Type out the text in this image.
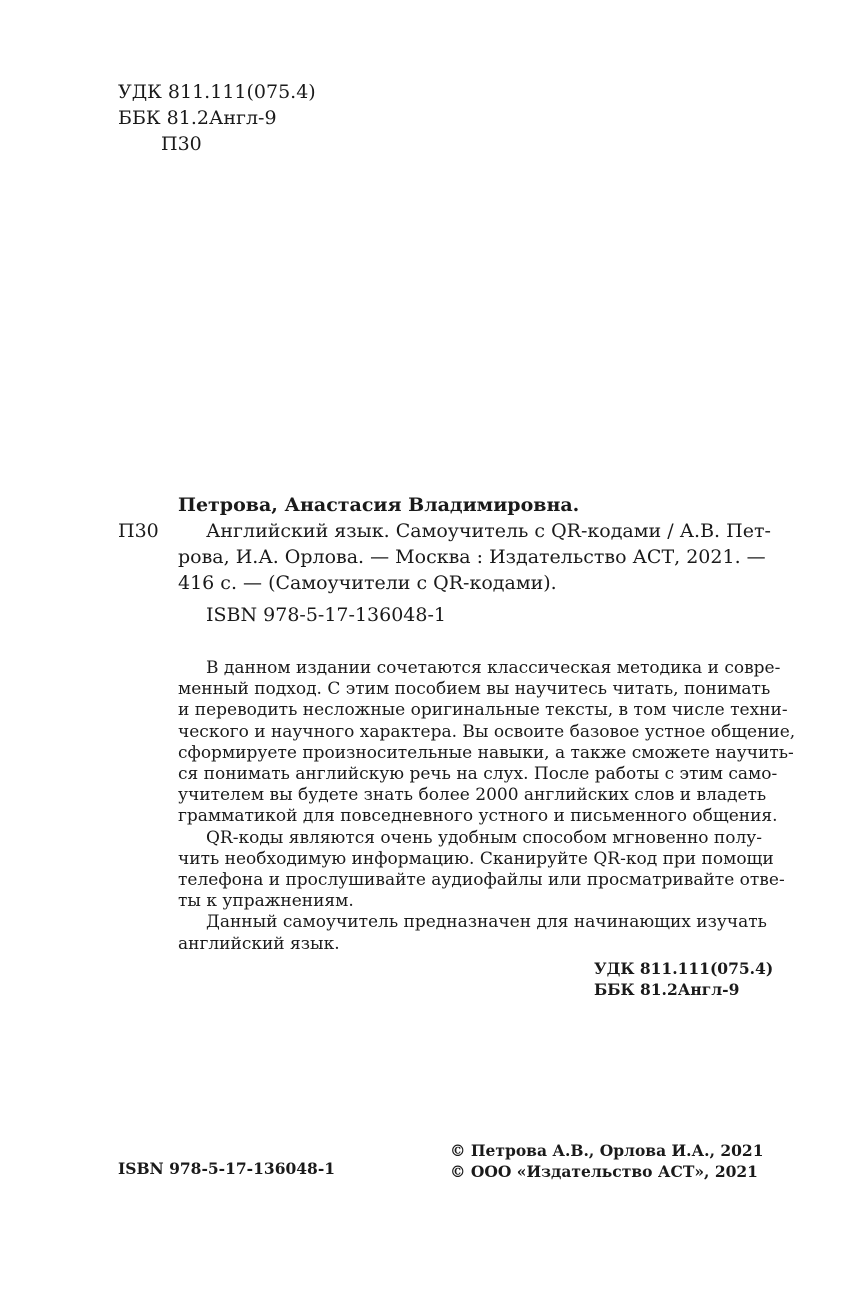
УДК 811.111(075.4)
ББК 81.2Англ-9
П30
Петрова, Анастасия Владимировна.
П30	Английский язык. Самоучитель с QR-кодами / А.В. Пет-
рова, И.А. Орлова. — Москва : Издательство АСТ, 2021. —
416 с. — (Самоучители с QR-кодами).
ISBN 978-5-17-136048-1
В данном издании сочетаются классическая методика и совре-
менный подход. С этим пособием вы научитесь читать, понимать
и переводить несложные оригинальные тексты, в том числе техни-
ческого и научного характера. Вы освоите базовое устное общение,
сформируете произносительные навыки, а также сможете научить-
ся понимать английскую речь на слух. После работы с этим само-
учителем вы будете знать более 2000 английских слов и владеть
грамматикой для повседневного устного и письменного общения.
QR-коды являются очень удобным способом мгновенно полу-
чить необходимую информацию. Сканируйте QR-код при помощи
телефона и прослушивайте аудиофайлы или просматривайте отве-
ты к упражнениям.
Данный самоучитель предназначен для начинающих изучать
английский язык.
УДК 811.111(075.4)
ББК 81.2Англ-9
ISBN 978-5-17-136048-1
© Петрова А.В., Орлова И.А., 2021
© ООО «Издательство АСТ», 2021
